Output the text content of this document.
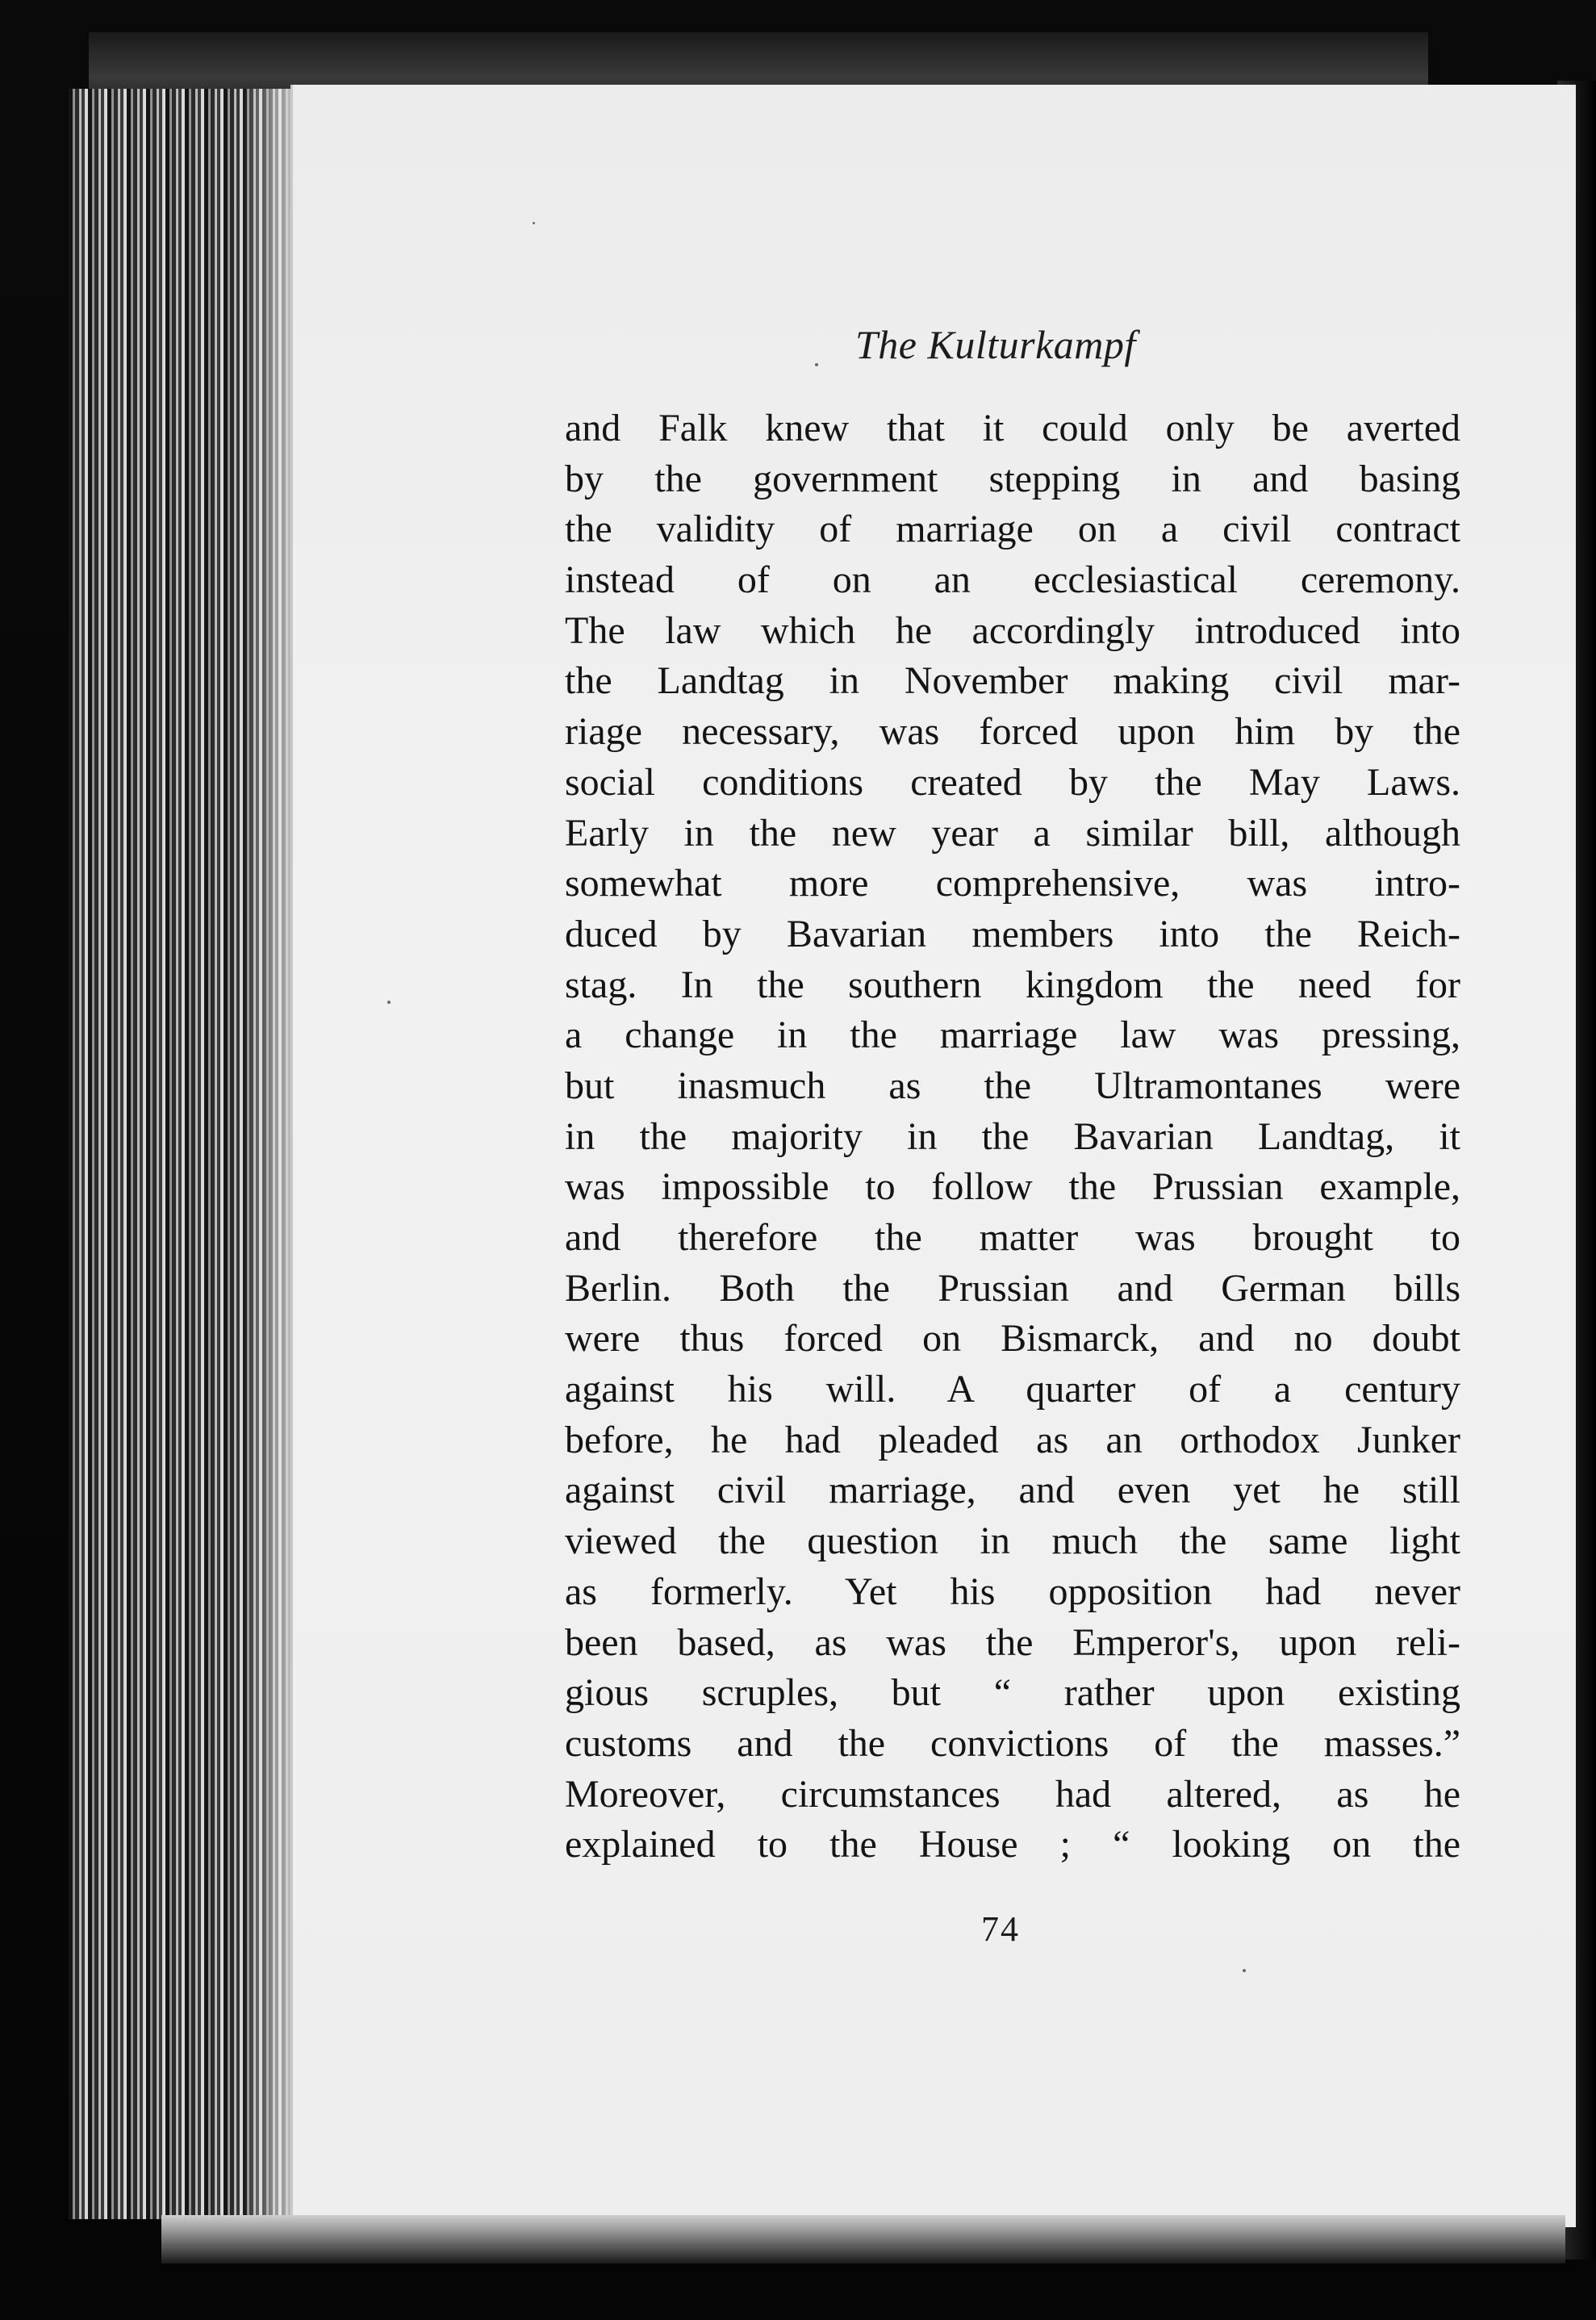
The Kulturkampf

and Falk knew that it could only be averted
by the government stepping in and basing
the validity of marriage on a civil contract
instead of on an ecclesiastical ceremony.
The law which he accordingly introduced into
the Landtag in November making civil mar-
riage necessary, was forced upon him by the
social conditions created by the May Laws.
Early in the new year a similar bill, although
somewhat more comprehensive, was intro-
duced by Bavarian members into the Reich-
stag. In the southern kingdom the need for
a change in the marriage law was pressing,
but inasmuch as the Ultramontanes were
in the majority in the Bavarian Landtag, it
was impossible to follow the Prussian example,
and therefore the matter was brought to
Berlin. Both the Prussian and German bills
were thus forced on Bismarck, and no doubt
against his will. A quarter of a century
before, he had pleaded as an orthodox Junker
against civil marriage, and even yet he still
viewed the question in much the same light
as formerly. Yet his opposition had never
been based, as was the Emperor's, upon reli-
gious scruples, but “ rather upon existing
customs and the convictions of the masses.”
Moreover, circumstances had altered, as he
explained to the House ; “ looking on the

74
